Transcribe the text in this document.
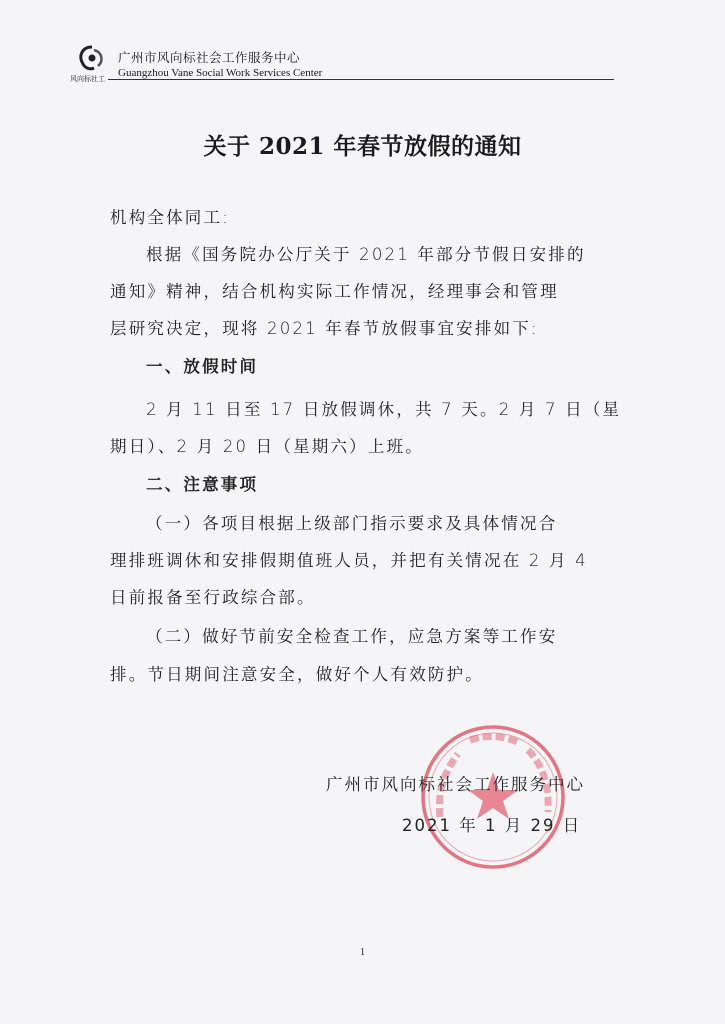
风向标社工
广州市风向标社会工作服务中心
Guangzhou Vane Social Work Services Center
关于 2021 年春节放假的通知
机构全体同工:
根据《国务院办公厅关于 2021 年部分节假日安排的
通知》精神，结合机构实际工作情况，经理事会和管理
层研究决定，现将 2021 年春节放假事宜安排如下:
一、放假时间
2 月 11 日至 17 日放假调休，共 7 天。2 月 7 日（星
期日）、2 月 20 日（星期六）上班。
二、注意事项
（一）各项目根据上级部门指示要求及具体情况合
理排班调休和安排假期值班人员，并把有关情况在 2 月 4
日前报备至行政综合部。
（二）做好节前安全检查工作，应急方案等工作安
排。节日期间注意安全，做好个人有效防护。
广州市风向标社会工作服务中心
2021 年 1 月 29 日
1
